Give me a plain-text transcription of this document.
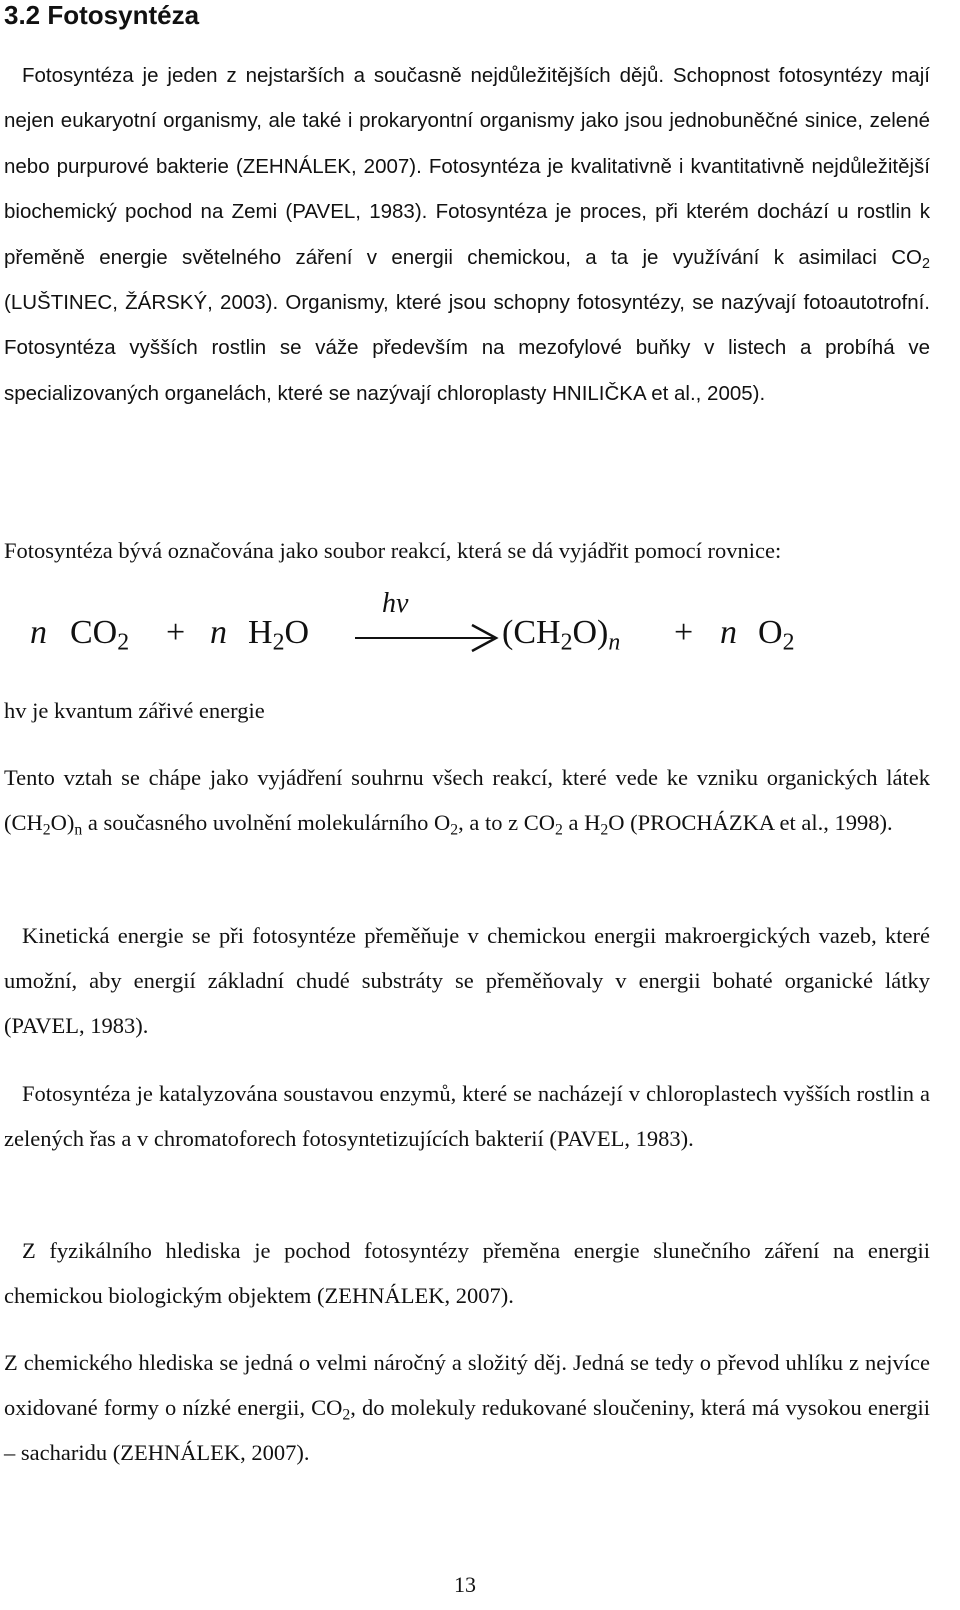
3.2 Fotosyntéza
Fotosyntéza je jeden z nejstarších a současně nejdůležitějších dějů. Schopnost fotosyntézy mají nejen eukaryotní organismy, ale také i prokaryontní organismy jako jsou jednobuněčné sinice, zelené nebo purpurové bakterie (ZEHNÁLEK, 2007). Fotosyntéza je kvalitativně i kvantitativně nejdůležitější biochemický pochod na Zemi (PAVEL, 1983). Fotosyntéza je proces, při kterém dochází u rostlin k přeměně energie světelného záření v energii chemickou, a ta je využívání k asimilaci $CO_2$ (LUŠTINEC, ŽÁRSKÝ, 2003). Organismy, které jsou schopny fotosyntézy, se nazývají fotoautotrofní. Fotosyntéza vyšších rostlin se váže především na mezofylové buňky v listech a probíhá ve specializovaných organelách, které se nazývají chloroplasty HNILIČKA et al., 2005).
Fotosyntéza bývá označována jako soubor reakcí, která se dá vyjádřit pomocí rovnice:
n $CO_2 + n$ $H_2O$
hv
$(CH_2O)_n + n$ $O_2$
hv je kvantum zářivé energie
Tento vztah se chápe jako vyjádření souhrnu všech reakcí, které vede ke vzniku organických látek $(CH_2O)_n$ a současného uvolnění molekulárního $O_2$, a to z $CO_2$ a $H_2O$ (PROCHÁZKA et al., 1998).
Kinetická energie se při fotosyntéze přeměňuje v chemickou energii makroergických vazeb, které umožní, aby energií základní chudé substráty se přeměňovaly v energii bohaté organické látky (PAVEL, 1983).
Fotosyntéza je katalyzována soustavou enzymů, které se nacházejí v chloroplastech vyšších rostlin a zelených řas a v chromatoforech fotosyntetizujících bakterií (PAVEL, 1983).
Z fyzikálního hlediska je pochod fotosyntézy přeměna energie slunečního záření na energii chemickou biologickým objektem (ZEHNÁLEK, 2007).
Z chemického hlediska se jedná o velmi náročný a složitý děj. Jedná se tedy o převod uhlíku z nejvíce oxidované formy o nízké energii, $CO_2$, do molekuly redukované sloučeniny, která má vysokou energii – sacharidu (ZEHNÁLEK, 2007).
13
